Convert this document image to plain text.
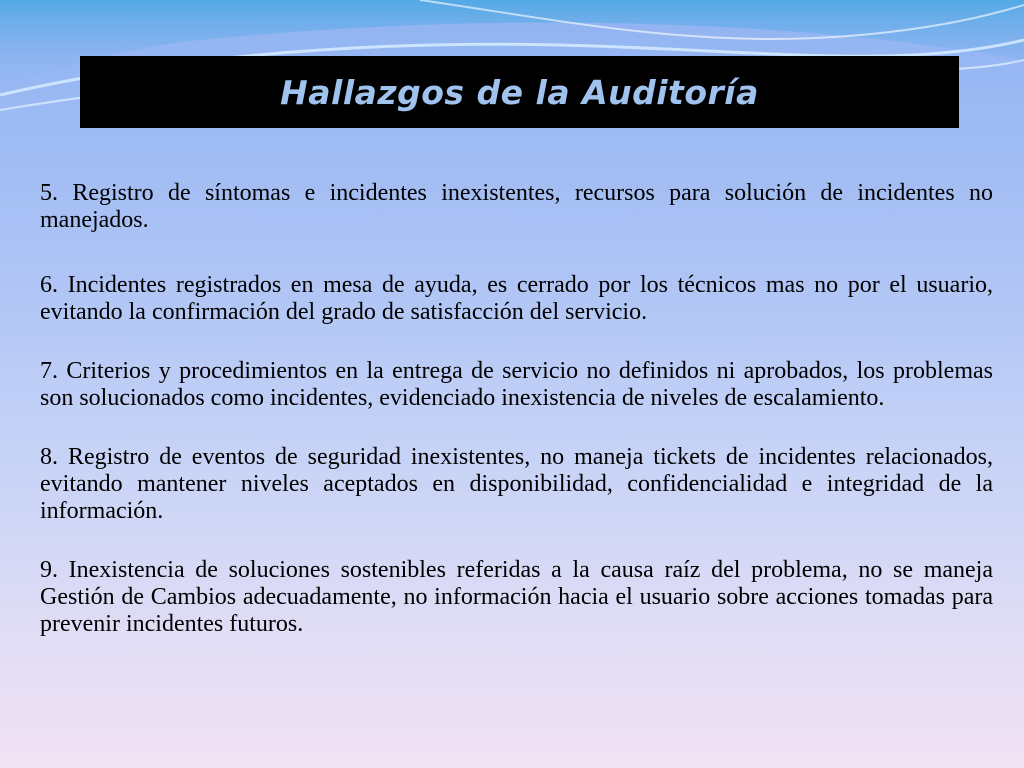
Hallazgos de la Auditoría

5. Registro de síntomas e incidentes inexistentes, recursos para solución de incidentes no manejados.

6. Incidentes registrados en mesa de ayuda, es cerrado por los técnicos mas no por el usuario, evitando la confirmación del grado de satisfacción del servicio.

7. Criterios y procedimientos en la entrega de servicio no definidos ni aprobados, los problemas son solucionados como incidentes, evidenciado inexistencia de niveles de escalamiento.

8. Registro de eventos de seguridad inexistentes, no maneja tickets de incidentes relacionados, evitando mantener niveles aceptados en disponibilidad, confidencialidad e integridad de la información.

9. Inexistencia de soluciones sostenibles referidas a la causa raíz del problema, no se maneja Gestión de Cambios adecuadamente, no información hacia el usuario sobre acciones tomadas para prevenir incidentes futuros.
